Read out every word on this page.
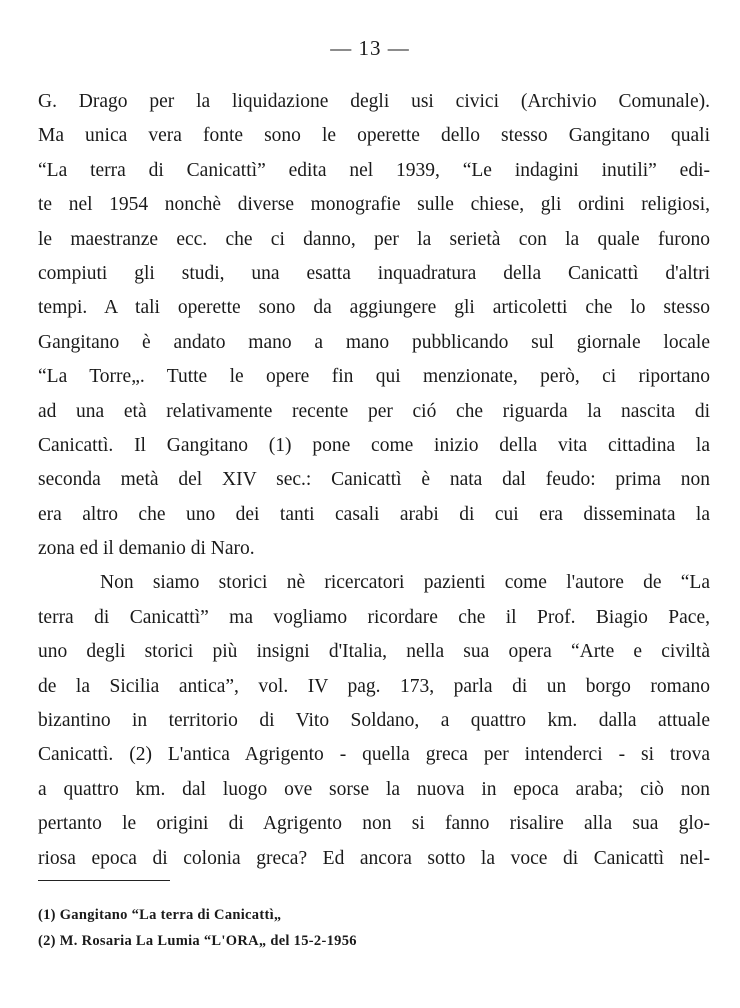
— 13 —
G. Drago per la liquidazione degli usi civici (Archivio Comunale).
Ma unica vera fonte sono le operette dello stesso Gangitano quali
“La terra di Canicattì” edita nel 1939, “Le indagini inutili” edi-
te nel 1954 nonchè diverse monografie sulle chiese, gli ordini religiosi,
le maestranze ecc. che ci danno, per la serietà con la quale furono
compiuti gli studi, una esatta inquadratura della Canicattì d'altri
tempi. A tali operette sono da aggiungere gli articoletti che lo stesso
Gangitano è andato mano a mano pubblicando sul giornale locale
“La Torre„. Tutte le opere fin qui menzionate, però, ci riportano
ad una età relativamente recente per ció che riguarda la nascita di
Canicattì. Il Gangitano (1) pone come inizio della vita cittadina la
seconda metà del XIV sec.: Canicattì è nata dal feudo: prima non
era altro che uno dei tanti casali arabi di cui era disseminata la
zona ed il demanio di Naro.
Non siamo storici nè ricercatori pazienti come l'autore de “La
terra di Canicattì” ma vogliamo ricordare che il Prof. Biagio Pace,
uno degli storici più insigni d'Italia, nella sua opera “Arte e civiltà
de la Sicilia antica”, vol. IV pag. 173, parla di un borgo romano
bizantino in territorio di Vito Soldano, a quattro km. dalla attuale
Canicattì. (2) L'antica Agrigento - quella greca per intenderci - si trova
a quattro km. dal luogo ove sorse la nuova in epoca araba; ciò non
pertanto le origini di Agrigento non si fanno risalire alla sua glo-
riosa epoca di colonia greca? Ed ancora sotto la voce di Canicattì nel-
(1) Gangitano “La terra di Canicattì„
(2) M. Rosaria La Lumia “L'ORA„ del 15-2-1956
